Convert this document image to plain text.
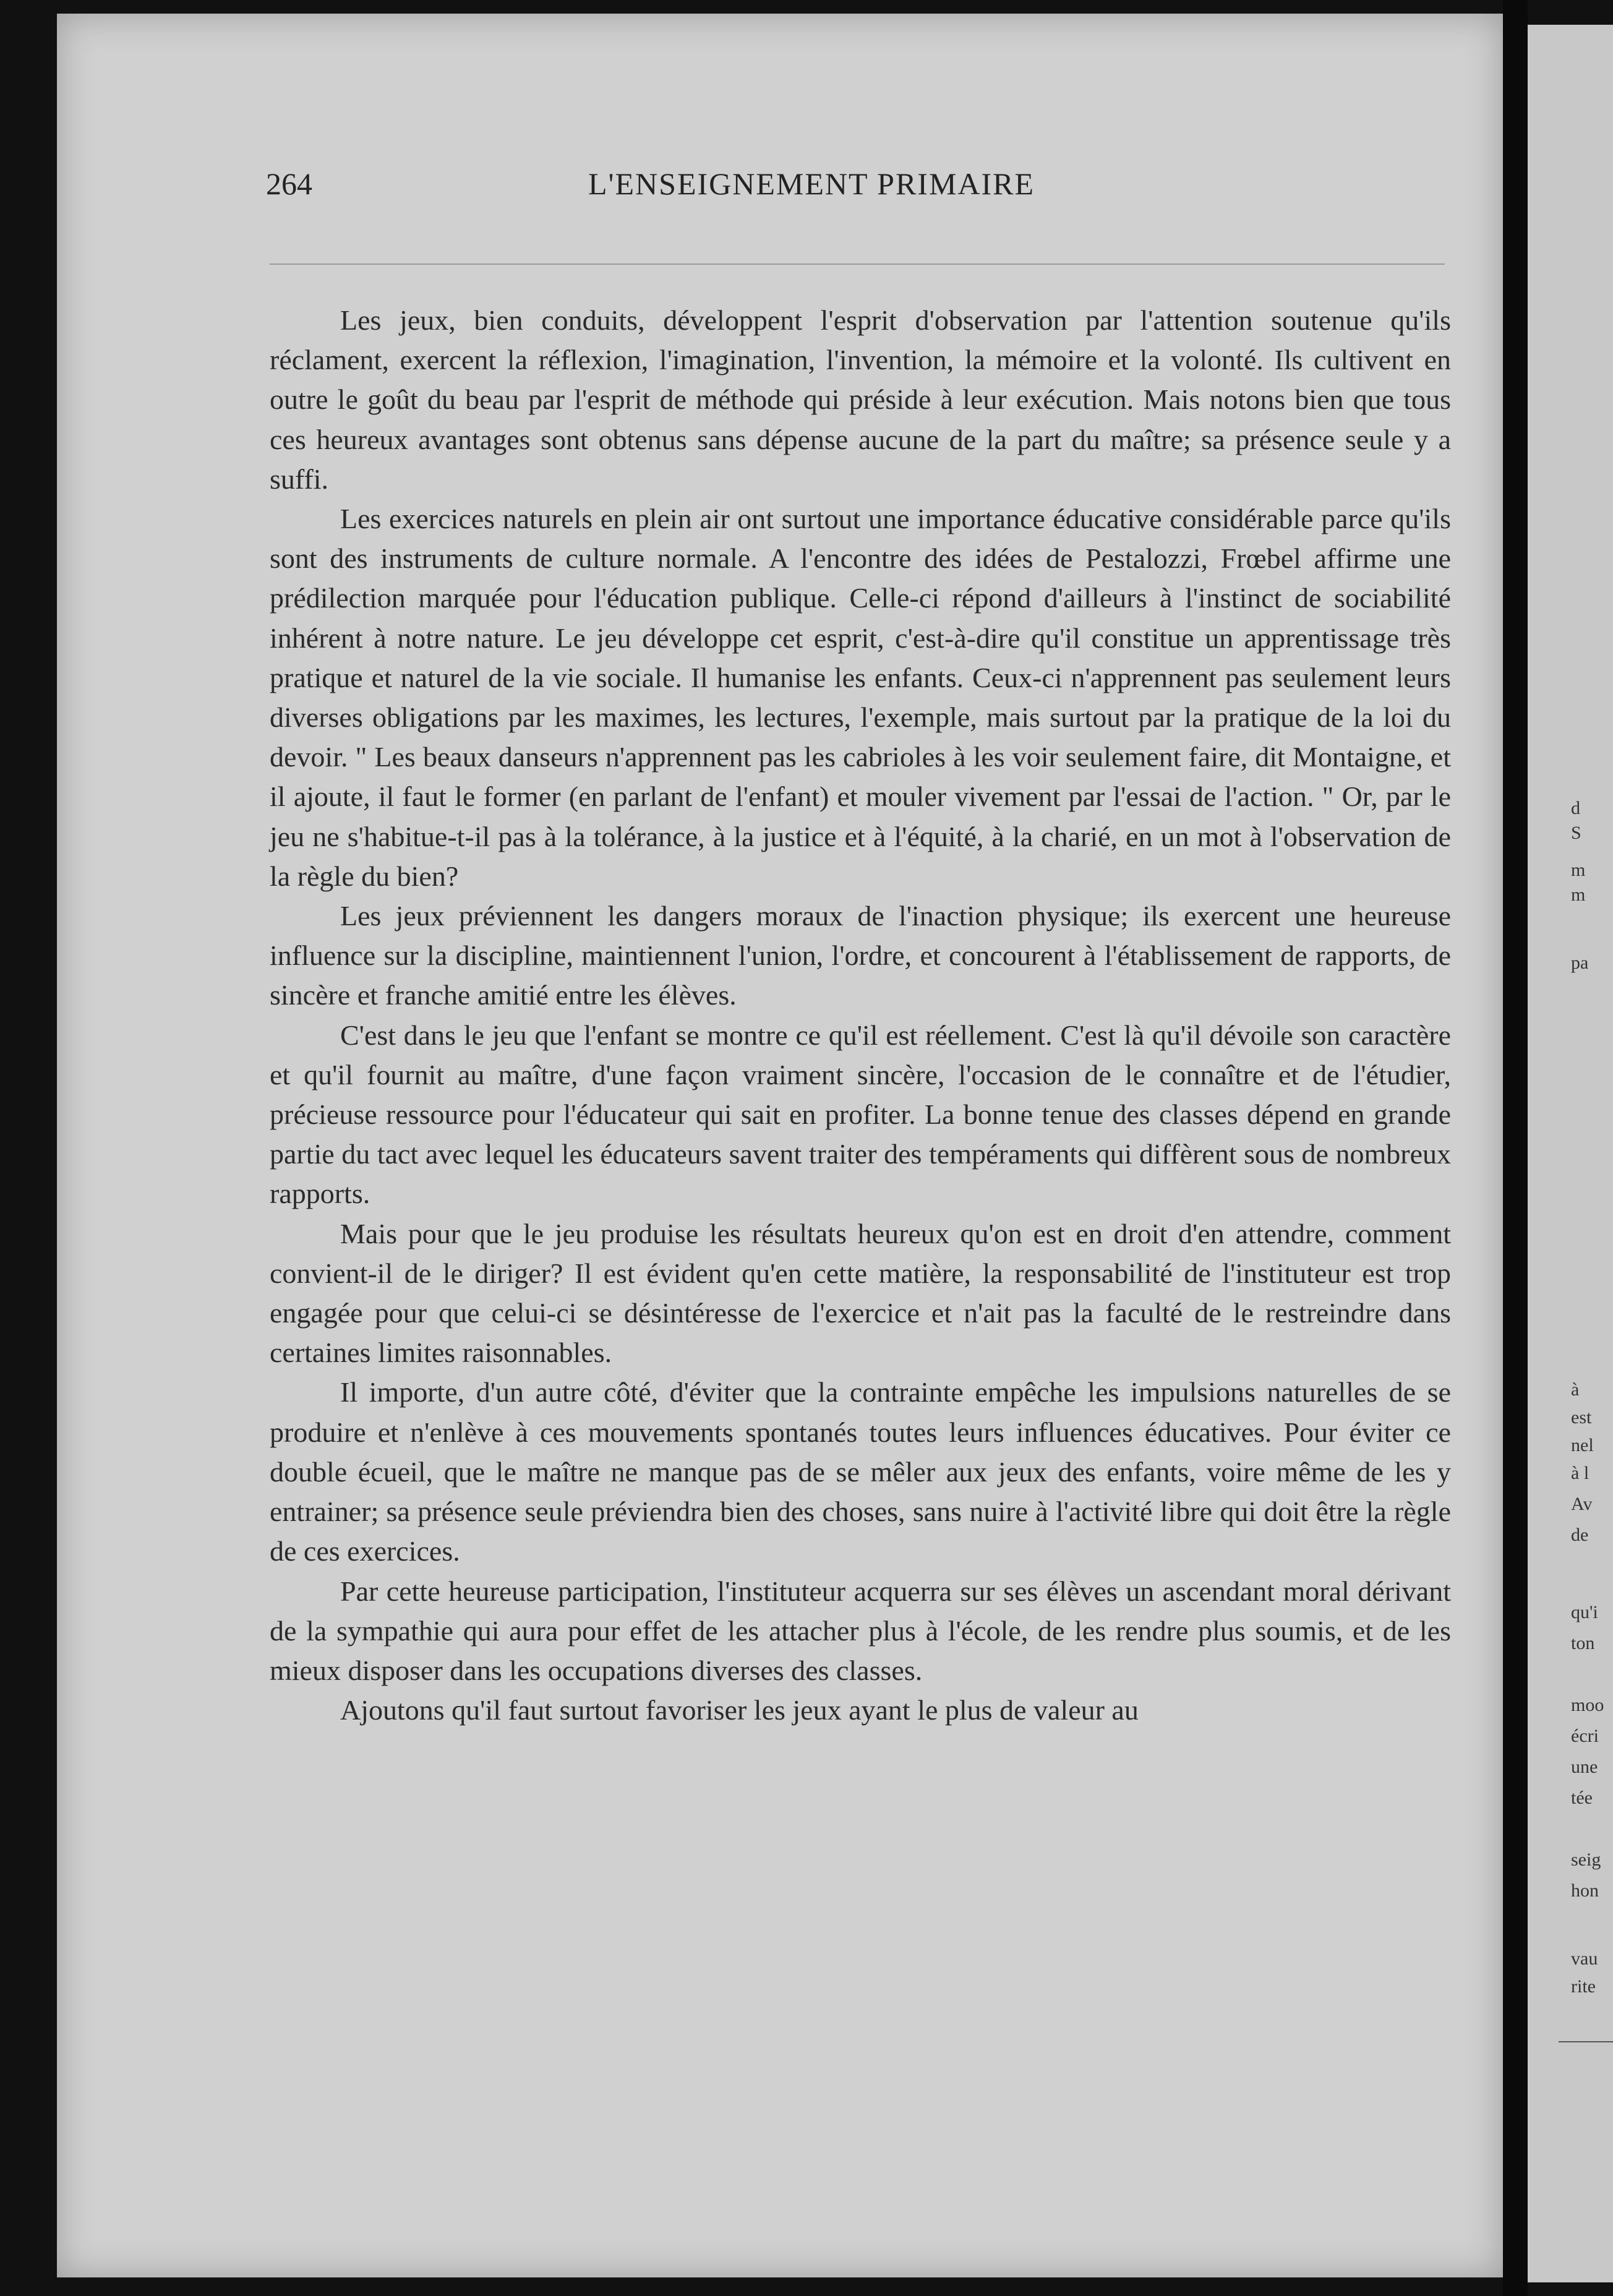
264	L'ENSEIGNEMENT PRIMAIRE

Les jeux, bien conduits, développent l'esprit d'observation par l'attention soutenue qu'ils réclament, exercent la réflexion, l'imagination, l'invention, la mémoire et la volonté. Ils cultivent en outre le goût du beau par l'esprit de méthode qui préside à leur exécution. Mais notons bien que tous ces heureux avantages sont obtenus sans dépense aucune de la part du maître; sa présence seule y a suffi.

Les exercices naturels en plein air ont surtout une importance éducative considérable parce qu'ils sont des instruments de culture normale. A l'encontre des idées de Pestalozzi, Frœbel affirme une prédilection marquée pour l'éducation publique. Celle-ci répond d'ailleurs à l'instinct de sociabilité inhérent à notre nature. Le jeu développe cet esprit, c'est-à-dire qu'il constitue un apprentissage très pratique et naturel de la vie sociale. Il humanise les enfants. Ceux-ci n'apprennent pas seulement leurs diverses obligations par les maximes, les lectures, l'exemple, mais surtout par la pratique de la loi du devoir. " Les beaux danseurs n'apprennent pas les cabrioles à les voir seulement faire, dit Montaigne, et il ajoute, il faut le former (en parlant de l'enfant) et mouler vivement par l'essai de l'action. " Or, par le jeu ne s'habitue-t-il pas à la tolérance, à la justice et à l'équité, à la charié, en un mot à l'observation de la règle du bien?

Les jeux préviennent les dangers moraux de l'inaction physique; ils exercent une heureuse influence sur la discipline, maintiennent l'union, l'ordre, et concourent à l'établissement de rapports, de sincère et franche amitié entre les élèves.

C'est dans le jeu que l'enfant se montre ce qu'il est réellement. C'est là qu'il dévoile son caractère et qu'il fournit au maître, d'une façon vraiment sincère, l'occasion de le connaître et de l'étudier, précieuse ressource pour l'éducateur qui sait en profiter. La bonne tenue des classes dépend en grande partie du tact avec lequel les éducateurs savent traiter des tempéraments qui diffèrent sous de nombreux rapports.

Mais pour que le jeu produise les résultats heureux qu'on est en droit d'en attendre, comment convient-il de le diriger? Il est évident qu'en cette matière, la responsabilité de l'instituteur est trop engagée pour que celui-ci se désintéresse de l'exercice et n'ait pas la faculté de le restreindre dans certaines limites raisonnables.

Il importe, d'un autre côté, d'éviter que la contrainte empêche les impulsions naturelles de se produire et n'enlève à ces mouvements spontanés toutes leurs influences éducatives. Pour éviter ce double écueil, que le maître ne manque pas de se mêler aux jeux des enfants, voire même de les y entrainer; sa présence seule préviendra bien des choses, sans nuire à l'activité libre qui doit être la règle de ces exercices.

Par cette heureuse participation, l'instituteur acquerra sur ses élèves un ascendant moral dérivant de la sympathie qui aura pour effet de les attacher plus à l'école, de les rendre plus soumis, et de les mieux disposer dans les occupations diverses des classes.

Ajoutons qu'il faut surtout favoriser les jeux ayant le plus de valeur au

d
S
m
m
pa
à
est
nel
à l
Av
de
qu'i
ton
moo
écri
une
tée
seig
hon
vau
rite
